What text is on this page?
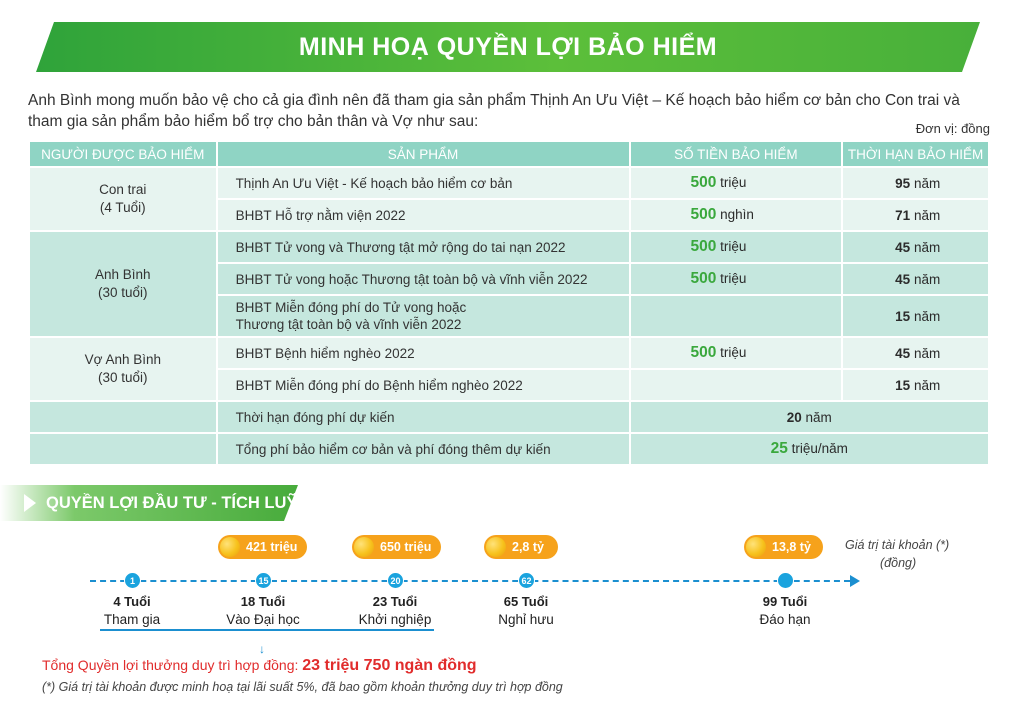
MINH HOẠ QUYỀN LỢI BẢO HIỂM
Anh Bình mong muốn bảo vệ cho cả gia đình nên đã tham gia sản phẩm Thịnh An Ưu Việt – Kế hoạch bảo hiểm cơ bản cho Con trai và tham gia sản phẩm bảo hiểm bổ trợ cho bản thân và Vợ như sau:	Đơn vị: đồng
NGƯỜI ĐƯỢC BẢO HIỂM	SẢN PHẨM	SỐ TIỀN BẢO HIỂM	THỜI HẠN BẢO HIỂM

Con trai
(4 Tuổi)	Thịnh An Ưu Việt - Kế hoạch bảo hiểm cơ bản	500 triệu	95 năm
	BHBT Hỗ trợ nằm viện 2022	500 nghìn	71 năm

Anh Bình
(30 tuổi)	BHBT Tử vong và Thương tật mở rộng do tai nạn 2022	500 triệu	45 năm
	BHBT Tử vong hoặc Thương tật toàn bộ và vĩnh viễn 2022	500 triệu	45 năm

	BHBT Miễn đóng phí do Tử vong hoặc
Thương tật toàn bộ và vĩnh viễn 2022		15 năm

Vợ Anh Bình
(30 tuổi)	BHBT Bệnh hiểm nghèo 2022	500 triệu	45 năm
	BHBT Miễn đóng phí do Bệnh hiểm nghèo 2022		15 năm
	Thời hạn đóng phí dự kiến	20 năm	
	Tổng phí bảo hiểm cơ bản và phí đóng thêm dự kiến	25 triệu/năm	
QUYỀN LỢI ĐẦU TƯ - TÍCH LUỸ
421 triệu	650 triệu	2,8 tỷ	13,8 tỷ	Giá trị tài khoản (*)
(đồng)
1	15	20	62
4 Tuổi
Tham gia
18 Tuổi
Vào Đại học
23 Tuổi
Khởi nghiệp
65 Tuổi
Nghỉ hưu
99 Tuổi
Đáo hạn
↓
Tổng Quyền lợi thưởng duy trì hợp đồng: 23 triệu 750 ngàn đồng
(*) Giá trị tài khoản được minh hoạ tại lãi suất 5%, đã bao gồm khoản thưởng duy trì hợp đồng
